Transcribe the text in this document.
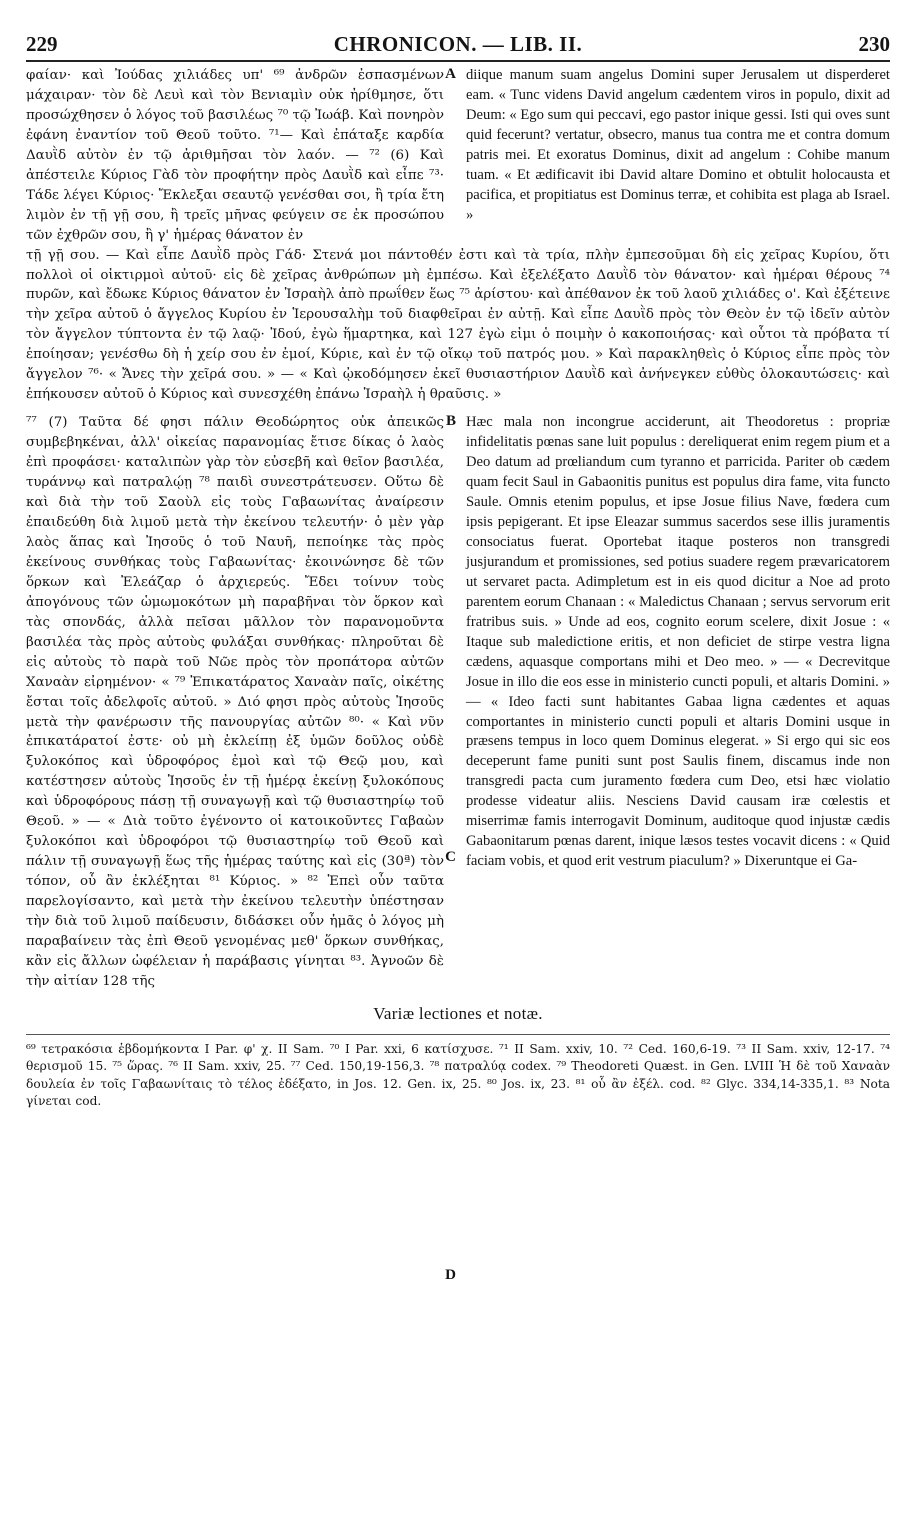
229	CHRONICON. — LIB. II.	230
A

φαίαν· καὶ Ἰούδας χιλιάδες υπ' ⁶⁹ ἀνδρῶν ἐσπασμένων μάχαιραν· τὸν δὲ Λευὶ καὶ τὸν Βενιαμὶν οὐκ ἠρίθμησε, ὅτι προσώχθησεν ὁ λόγος τοῦ βασιλέως ⁷⁰ τῷ Ἰωάβ. Καὶ πονηρὸν ἐφάνη ἐναντίον τοῦ Θεοῦ τοῦτο. ⁷¹— Καὶ ἐπάταξε καρδία Δαυῒδ αὐτὸν ἐν τῷ ἀριθμῆσαι τὸν λαόν. — ⁷² (6) Καὶ ἀπέστειλε Κύριος Γὰδ τὸν προφήτην πρὸς Δαυῒδ καὶ εἶπε ⁷³· Τάδε λέγει Κύριος· Ἔκλεξαι σεαυτῷ γενέσθαι σοι, ἢ τρία ἔτη λιμὸν ἐν τῇ γῇ σου, ἢ τρεῖς μῆνας φεύγειν σε ἐκ προσώπου τῶν ἐχθρῶν σου, ἢ γ' ἡμέρας θάνατον ἐν

diique manum suam angelus Domini super Jerusalem ut disperderet eam. « Tunc videns David angelum cædentem viros in populo, dixit ad Deum: « Ego sum qui peccavi, ego pastor inique gessi. Isti qui oves sunt quid fecerunt? vertatur, obsecro, manus tua contra me et contra domum patris mei. Et exoratus Dominus, dixit ad angelum : Cohibe manum tuam. « Et ædificavit ibi David altare Domino et obtulit holocausta et pacifica, et propitiatus est Dominus terræ, et cohibita est plaga ab Israel. »

τῇ γῇ σου. — Καὶ εἶπε Δαυῒδ πρὸς Γάδ· Στενά μοι πάντοθέν ἐστι καὶ τὰ τρία, πλὴν ἐμπεσοῦμαι δὴ εἰς χεῖρας Κυρίου, ὅτι πολλοὶ οἱ οἰκτιρμοὶ αὐτοῦ· εἰς δὲ χεῖρας ἀνθρώπων μὴ ἐμπέσω. Καὶ ἐξελέξατο Δαυῒδ τὸν θάνατον· καὶ ἡμέραι θέρους ⁷⁴ πυρῶν, καὶ ἔδωκε Κύριος θάνατον ἐν Ἰσραὴλ ἀπὸ πρωΐθεν ἕως ⁷⁵ ἀρίστου· καὶ ἀπέθανον ἐκ τοῦ λαοῦ χιλιάδες ο'. Καὶ ἐξέτεινε τὴν χεῖρα αὐτοῦ ὁ ἄγγελος Κυρίου ἐν Ἱερουσαλὴμ τοῦ διαφθεῖραι ἐν αὐτῇ. Καὶ εἶπε Δαυῒδ πρὸς τὸν Θεὸν ἐν τῷ ἰδεῖν αὐτὸν τὸν ἄγγελον τύπτοντα ἐν τῷ λαῷ· Ἰδού, ἐγὼ ἥμαρτηκα, καὶ 127 ἐγὼ εἰμι ὁ ποιμὴν ὁ κακοποιήσας· καὶ οὗτοι τὰ πρόβατα τί ἐποίησαν; γενέσθω δὴ ἡ χείρ σου ἐν ἐμοί, Κύριε, καὶ ἐν τῷ οἴκῳ τοῦ πατρός μου. » Καὶ παρακληθεὶς ὁ Κύριος εἶπε πρὸς τὸν ἄγγελον ⁷⁶· « Ἄνες τὴν χεῖρά σου. » — « Καὶ ᾠκοδόμησεν ἐκεῖ θυσιαστήριον Δαυῒδ καὶ ἀνήνεγκεν εὐθὺς ὁλοκαυτώσεις· καὶ ἐπήκουσεν αὐτοῦ ὁ Κύριος καὶ συνεσχέθη ἐπάνω Ἰσραὴλ ἡ θραῦσις. »

B
C
D

⁷⁷ (7) Ταῦτα δέ φησι πάλιν Θεοδώρητος οὐκ ἀπεικῶς συμβεβηκέναι, ἀλλ' οἰκείας παρανομίας ἔτισε δίκας ὁ λαὸς ἐπὶ προφάσει· καταλιπὼν γὰρ τὸν εὐσεβῆ καὶ θεῖον βασιλέα, τυράννῳ καὶ πατραλῴῃ ⁷⁸ παιδὶ συνεστράτευσεν. Οὕτω δὲ καὶ διὰ τὴν τοῦ Σαοὺλ εἰς τοὺς Γαβαωνίτας ἀναίρεσιν ἐπαιδεύθη διὰ λιμοῦ μετὰ τὴν ἐκείνου τελευτήν· ὁ μὲν γὰρ λαὸς ἅπας καὶ Ἰησοῦς ὁ τοῦ Ναυῆ, πεποίηκε τὰς πρὸς ἐκείνους συνθήκας τοὺς Γαβαωνίτας· ἐκοινώνησε δὲ τῶν ὅρκων καὶ Ἐλεάζαρ ὁ ἀρχιερεύς. Ἔδει τοίνυν τοὺς ἀπογόνους τῶν ὡμωμοκότων μὴ παραβῆναι τὸν ὅρκον καὶ τὰς σπονδάς, ἀλλὰ πεῖσαι μᾶλλον τὸν παρανομοῦντα βασιλέα τὰς πρὸς αὐτοὺς φυλάξαι συνθήκας· πληροῦται δὲ εἰς αὐτοὺς τὸ παρὰ τοῦ Νῶε πρὸς τὸν προπάτορα αὐτῶν Χαναὰν εἰρημένον· « ⁷⁹ Ἐπικατάρατος Χαναὰν παῖς, οἰκέτης ἔσται τοῖς ἀδελφοῖς αὐτοῦ. » Διό φησι πρὸς αὐτοὺς Ἰησοῦς μετὰ τὴν φανέρωσιν τῆς πανουργίας αὐτῶν ⁸⁰· « Καὶ νῦν ἐπικατάρατοί ἐστε· οὐ μὴ ἐκλείπῃ ἐξ ὑμῶν δοῦλος οὐδὲ ξυλοκόπος καὶ ὑδροφόρος ἐμοὶ καὶ τῷ Θεῷ μου, καὶ κατέστησεν αὐτοὺς Ἰησοῦς ἐν τῇ ἡμέρᾳ ἐκείνῃ ξυλοκόπους καὶ ὑδροφόρους πάσῃ τῇ συναγωγῇ καὶ τῷ θυσιαστηρίῳ τοῦ Θεοῦ. » — « Διὰ τοῦτο ἐγένοντο οἱ κατοικοῦντες Γαβαὼν ξυλοκόποι καὶ ὑδροφόροι τῷ θυσιαστηρίῳ τοῦ Θεοῦ καὶ πάλιν τῇ συναγωγῇ ἕως τῆς ἡμέρας ταύτης καὶ εἰς (30ª) τὸν τόπον, οὗ ἂν ἐκλέξηται ⁸¹ Κύριος. » ⁸² Ἐπεὶ οὖν ταῦτα παρελογίσαντο, καὶ μετὰ τὴν ἐκείνου τελευτὴν ὑπέστησαν τὴν διὰ τοῦ λιμοῦ παίδευσιν, διδάσκει οὖν ἡμᾶς ὁ λόγος μὴ παραβαίνειν τὰς ἐπὶ Θεοῦ γενομένας μεθ' ὅρκων συνθήκας, κἂν εἰς ἄλλων ὠφέλειαν ἡ παράβασις γίνηται ⁸³. Ἀγνοῶν δὲ τὴν αἰτίαν 128 τῆς

Hæc mala non incongrue acciderunt, ait Theodoretus : propriæ infidelitatis pœnas sane luit populus : dereliquerat enim regem pium et a Deo datum ad prœliandum cum tyranno et parricida. Pariter ob cædem quam fecit Saul in Gabaonitis punitus est populus dira fame, vita functo Saule. Omnis etenim populus, et ipse Josue filius Nave, fœdera cum ipsis pepigerant. Et ipse Eleazar summus sacerdos sese illis juramentis consociatus fuerat. Oportebat itaque posteros non transgredi jusjurandum et promissiones, sed potius suadere regem prævaricatorem ut servaret pacta. Adimpletum est in eis quod dicitur a Noe ad proto parentem eorum Chanaan : « Maledictus Chanaan ; servus servorum erit fratribus suis. » Unde ad eos, cognito eorum scelere, dixit Josue : « Itaque sub maledictione eritis, et non deficiet de stirpe vestra ligna cædens, aquasque comportans mihi et Deo meo. » — « Decrevitque Josue in illo die eos esse in ministerio cuncti populi, et altaris Domini. » — « Ideo facti sunt habitantes Gabaa ligna cædentes et aquas comportantes in ministerio cuncti populi et altaris Domini usque in præsens tempus in loco quem Dominus elegerat. » Si ergo qui sic eos deceperunt fame puniti sunt post Saulis finem, discamus inde non transgredi pacta cum juramento fœdera cum Deo, etsi hæc violatio prodesse videatur aliis. Nesciens David causam iræ cœlestis et miserrimæ famis interrogavit Dominum, auditoque quod injustæ cædis Gabaonitarum pœnas darent, inique læsos testes vocavit dicens : « Quid faciam vobis, et quod erit vestrum piaculum? » Dixeruntque ei Ga-

Variæ lectiones et notæ.

⁶⁹ τετρακόσια ἑβδομήκοντα I Par. φ' χ. II Sam. ⁷⁰ I Par. xxi, 6 κατίσχυσε. ⁷¹ II Sam. xxiv, 10. ⁷² Ced. 160,6-19. ⁷³ II Sam. xxiv, 12-17. ⁷⁴ θερισμοῦ 15. ⁷⁵ ὥρας. ⁷⁶ II Sam. xxiv, 25. ⁷⁷ Ced. 150,19-156,3. ⁷⁸ πατραλύᾳ codex. ⁷⁹ Theodoreti Quæst. in Gen. LVIII Ἡ δὲ τοῦ Χαναὰν δουλεία ἐν τοῖς Γαβαωνίταις τὸ τέλος ἐδέξατο, in Jos. 12. Gen. ix, 25. ⁸⁰ Jos. ix, 23. ⁸¹ οὗ ἂν ἐξέλ. cod. ⁸² Glyc. 334,14-335,1. ⁸³ Nota γίνεται cod.
